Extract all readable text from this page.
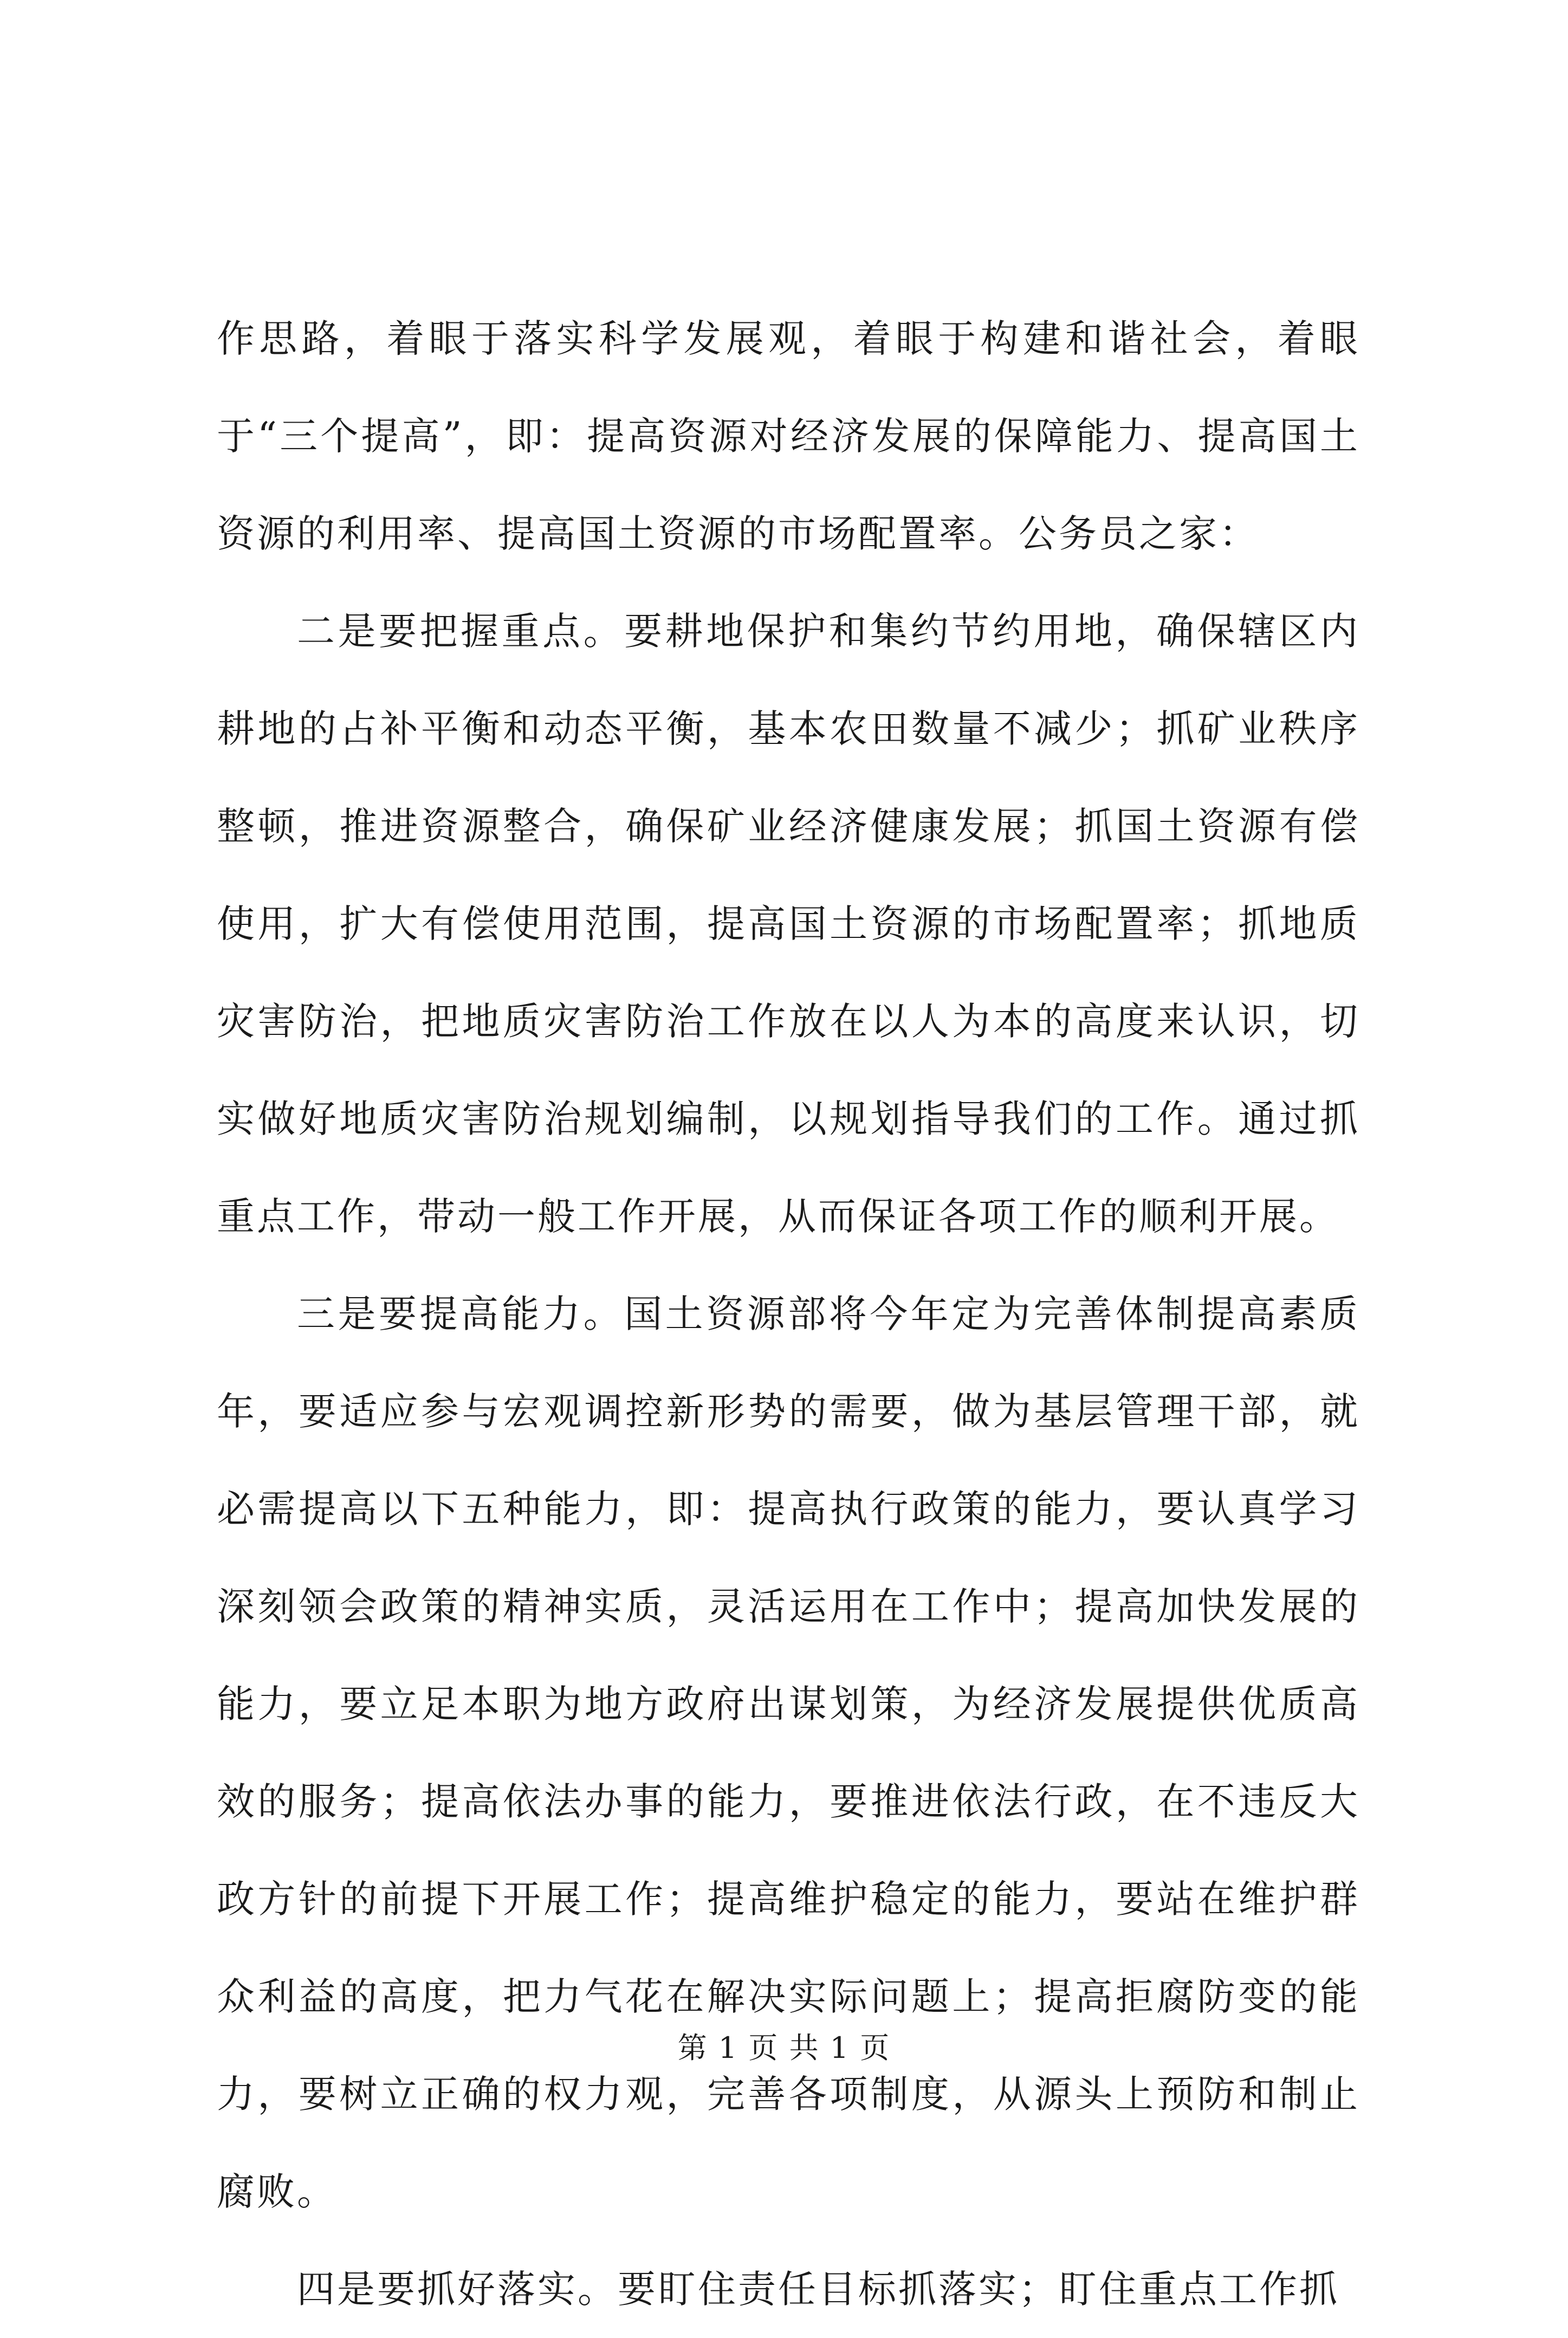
作思路，着眼于落实科学发展观，着眼于构建和谐社会，着眼于“三个提高”，即：提高资源对经济发展的保障能力、提高国土资源的利用率、提高国土资源的市场配置率。公务员之家：

二是要把握重点。要耕地保护和集约节约用地，确保辖区内耕地的占补平衡和动态平衡，基本农田数量不减少；抓矿业秩序整顿，推进资源整合，确保矿业经济健康发展；抓国土资源有偿使用，扩大有偿使用范围，提高国土资源的市场配置率；抓地质灾害防治，把地质灾害防治工作放在以人为本的高度来认识，切实做好地质灾害防治规划编制，以规划指导我们的工作。通过抓重点工作，带动一般工作开展，从而保证各项工作的顺利开展。

三是要提高能力。国土资源部将今年定为完善体制提高素质年，要适应参与宏观调控新形势的需要，做为基层管理干部，就必需提高以下五种能力，即：提高执行政策的能力，要认真学习深刻领会政策的精神实质，灵活运用在工作中；提高加快发展的能力，要立足本职为地方政府出谋划策，为经济发展提供优质高效的服务；提高依法办事的能力，要推进依法行政，在不违反大政方针的前提下开展工作；提高维护稳定的能力，要站在维护群众利益的高度，把力气花在解决实际问题上；提高拒腐防变的能力，要树立正确的权力观，完善各项制度，从源头上预防和制止腐败。

四是要抓好落实。要盯住责任目标抓落实；盯住重点工作抓

第 1 页 共 1 页
